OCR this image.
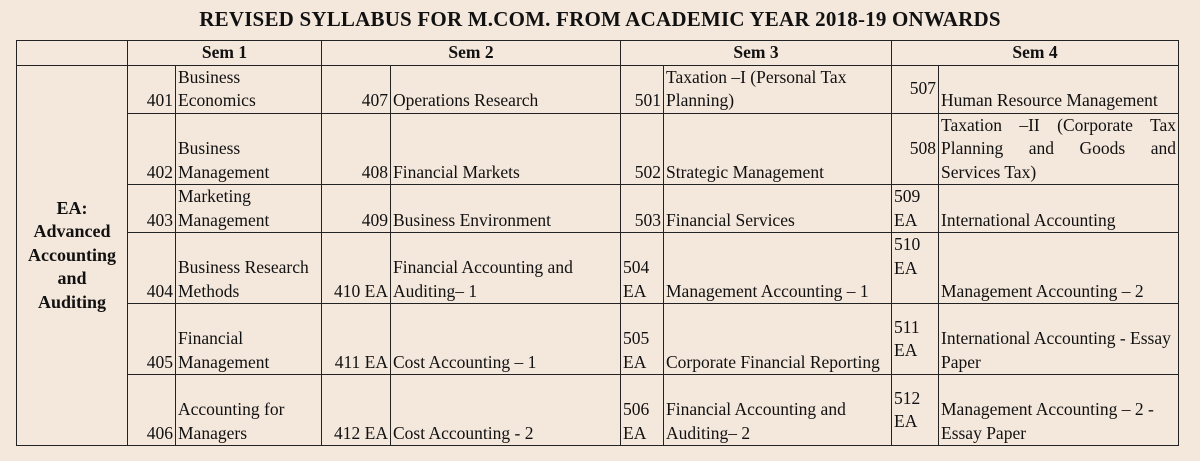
REVISED SYLLABUS FOR M.COM. FROM ACADEMIC YEAR 2018-19 ONWARDS
	Sem 1		Sem 2		Sem 3		Sem 4	
EA:
Advanced
Accounting
and
Auditing	401	Business Economics	407	Operations Research	501	Taxation –I (Personal Tax Planning)	507	Human Resource Management
	402	Business Management	408	Financial Markets	502	Strategic Management	508	Taxation –II (Corporate Tax Planning and Goods and Services Tax)
	403	Marketing Management	409	Business Environment	503	Financial Services	509 EA	International Accounting
	404	Business Research Methods	410 EA	Financial Accounting and Auditing– 1	504 EA	Management Accounting – 1	510 EA	Management Accounting – 2
	405	Financial Management	411 EA	Cost Accounting – 1	505 EA	Corporate Financial Reporting	511 EA	International Accounting - Essay Paper
	406	Accounting for Managers	412 EA	Cost Accounting - 2	506 EA	Financial Accounting and Auditing– 2	512 EA	Management Accounting – 2 - Essay Paper
